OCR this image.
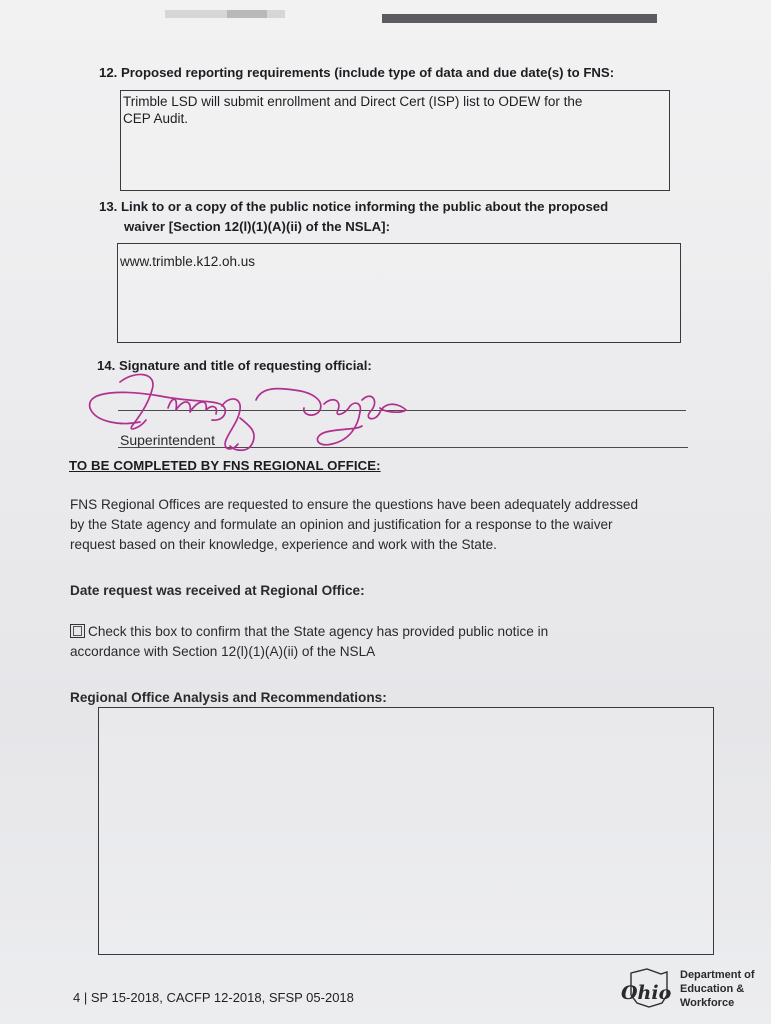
12. Proposed reporting requirements (include type of data and due date(s) to FNS:
Trimble LSD will submit enrollment and Direct Cert (ISP) list to ODEW for the
CEP Audit.
13. Link to or a copy of the public notice informing the public about the proposed
waiver [Section 12(l)(1)(A)(ii) of the NSLA]:
www.trimble.k12.oh.us
14. Signature and title of requesting official:
Superintendent
TO BE COMPLETED BY FNS REGIONAL OFFICE:
FNS Regional Offices are requested to ensure the questions have been adequately addressed
by the State agency and formulate an opinion and justification for a response to the waiver
request based on their knowledge, experience and work with the State.
Date request was received at Regional Office:
Check this box to confirm that the State agency has provided public notice in
accordance with Section 12(l)(1)(A)(ii) of the NSLA
Regional Office Analysis and Recommendations:
4 | SP 15-2018, CACFP 12-2018, SFSP 05-2018	Ohio
Department of
Education &
Workforce
